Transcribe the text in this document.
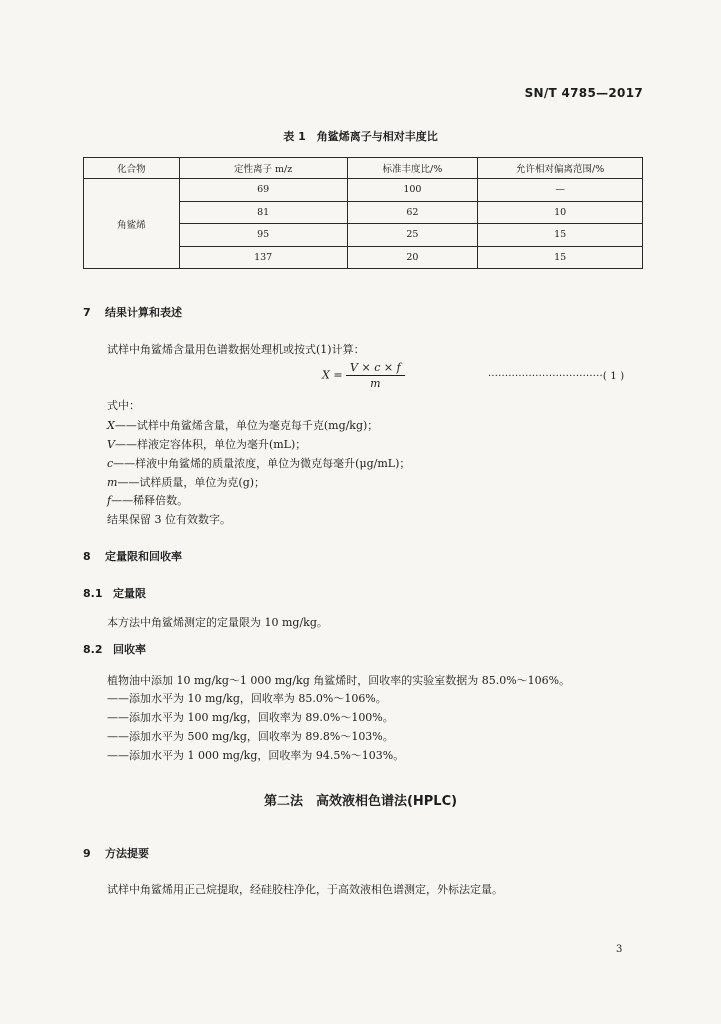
SN/T 4785—2017
表 1　角鲨烯离子与相对丰度比
化合物	定性离子 m/z	标准丰度比/%	允许相对偏离范围/%
角鲨烯	69	100	—
	81	62	10
	95	25	15
	137	20	15
7 结果计算和表述
试样中角鲨烯含量用色谱数据处理机或按式(1)计算：
$X = \frac{V \times c \times f}{m}$	··································( 1 )
式中：
X——试样中角鲨烯含量，单位为毫克每千克(mg/kg)；
V——样液定容体积，单位为毫升(mL)；
c——样液中角鲨烯的质量浓度，单位为微克每毫升(μg/mL)；
m——试样质量，单位为克(g)；
f——稀释倍数。
结果保留 3 位有效数字。
8 定量限和回收率
8.1 定量限
本方法中角鲨烯测定的定量限为 10 mg/kg。
8.2 回收率
植物油中添加 10 mg/kg～1 000 mg/kg 角鲨烯时，回收率的实验室数据为 85.0%～106%。
——添加水平为 10 mg/kg，回收率为 85.0%～106%。
——添加水平为 100 mg/kg，回收率为 89.0%～100%。
——添加水平为 500 mg/kg，回收率为 89.8%～103%。
——添加水平为 1 000 mg/kg，回收率为 94.5%～103%。
第二法　高效液相色谱法(HPLC)
9 方法提要
试样中角鲨烯用正己烷提取，经硅胶柱净化，于高效液相色谱测定，外标法定量。
3
